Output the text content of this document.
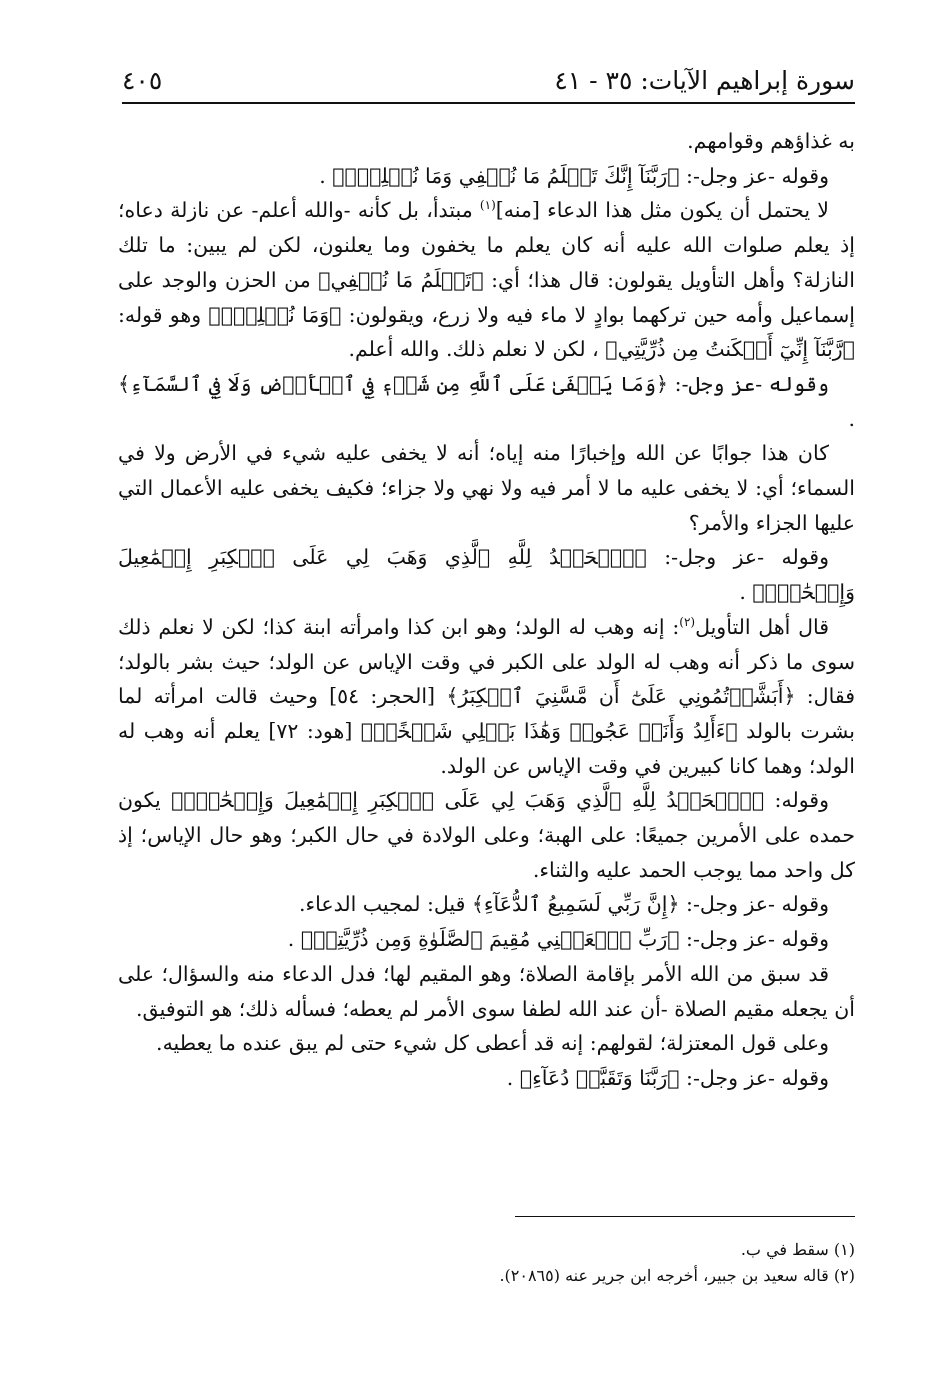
سورة إبراهيم الآيات: ٣٥ - ٤١
٤٠٥

به غذاؤهم وقوامهم.

وقوله -عز وجل-: ﴿رَبَّنَآ إِنَّكَ تَعۡلَمُ مَا نُخۡفِي وَمَا نُعۡلِنُۗ﴾ .

لا يحتمل أن يكون مثل هذا الدعاء [منه]$^{(١)}$ مبتدأ، بل كأنه -والله أعلم- عن نازلة دعاه؛ إذ يعلم صلوات الله عليه أنه كان يعلم ما يخفون وما يعلنون، لكن لم يبين: ما تلك النازلة؟ وأهل التأويل يقولون: قال هذا؛ أي: ﴿تَعۡلَمُ مَا نُخۡفِي﴾ من الحزن والوجد على إسماعيل وأمه حين تركهما بوادٍ لا ماء فيه ولا زرع، ويقولون: ﴿وَمَا نُعۡلِنُۗ﴾ وهو قوله: ﴿رَّبَّنَآ إِنِّيٓ أَسۡكَنتُ مِن ذُرِّيَّتِي﴾ ، لكن لا نعلم ذلك. والله أعلم.

وقوله -عز وجل-: ﴿وَمَا يَخۡفَىٰ عَلَى ٱللَّهِ مِن شَيۡءٖ فِي ٱلۡأَرۡضِ وَلَا فِي ٱلسَّمَآءِ﴾ .

كان هذا جوابًا عن الله وإخبارًا منه إياه؛ أنه لا يخفى عليه شيء في الأرض ولا في السماء؛ أي: لا يخفى عليه ما لا أمر فيه ولا نهي ولا جزاء؛ فكيف يخفى عليه الأعمال التي عليها الجزاء والأمر؟

وقوله -عز وجل-: ﴿ٱلۡحَمۡدُ لِلَّهِ ٱلَّذِي وَهَبَ لِي عَلَى ٱلۡكِبَرِ إِسۡمَٰعِيلَ وَإِسۡحَٰقَۚ﴾ .

قال أهل التأويل$^{(٢)}$: إنه وهب له الولد؛ وهو ابن كذا وامرأته ابنة كذا؛ لكن لا نعلم ذلك سوى ما ذكر أنه وهب له الولد على الكبر في وقت الإياس عن الولد؛ حيث بشر بالولد؛ فقال: ﴿أَبَشَّرۡتُمُونِي عَلَىٰٓ أَن مَّسَّنِيَ ٱلۡكِبَرُ﴾ [الحجر: ٥٤] وحيث قالت امرأته لما بشرت بالولد ﴿ءَأَلِدُ وَأَنَا۠ عَجُوزٞ وَهَٰذَا بَعۡلِي شَيۡخًاۖ﴾ [هود: ٧٢] يعلم أنه وهب له الولد؛ وهما كانا كبيرين في وقت الإياس عن الولد.

وقوله: ﴿ٱلۡحَمۡدُ لِلَّهِ ٱلَّذِي وَهَبَ لِي عَلَى ٱلۡكِبَرِ إِسۡمَٰعِيلَ وَإِسۡحَٰقَۚ﴾ يكون حمده على الأمرين جميعًا: على الهبة؛ وعلى الولادة في حال الكبر؛ وهو حال الإياس؛ إذ كل واحد مما يوجب الحمد عليه والثناء.

وقوله -عز وجل-: ﴿إِنَّ رَبِّي لَسَمِيعُ ٱلدُّعَآءِ﴾ قيل: لمجيب الدعاء.

وقوله -عز وجل-: ﴿رَبِّ ٱجۡعَلۡنِي مُقِيمَ ٱلصَّلَوٰةِ وَمِن ذُرِّيَّتِيۚ﴾ .

قد سبق من الله الأمر بإقامة الصلاة؛ وهو المقيم لها؛ فدل الدعاء منه والسؤال؛ على أن يجعله مقيم الصلاة -أن عند الله لطفا سوى الأمر لم يعطه؛ فسأله ذلك؛ هو التوفيق.

وعلى قول المعتزلة؛ لقولهم: إنه قد أعطى كل شيء حتى لم يبق عنده ما يعطيه.

وقوله -عز وجل-: ﴿رَبَّنَا وَتَقَبَّلۡ دُعَآءِ﴾ .

(١) سقط في ب.

(٢) قاله سعيد بن جبير، أخرجه ابن جرير عنه (٢٠٨٦٥).
